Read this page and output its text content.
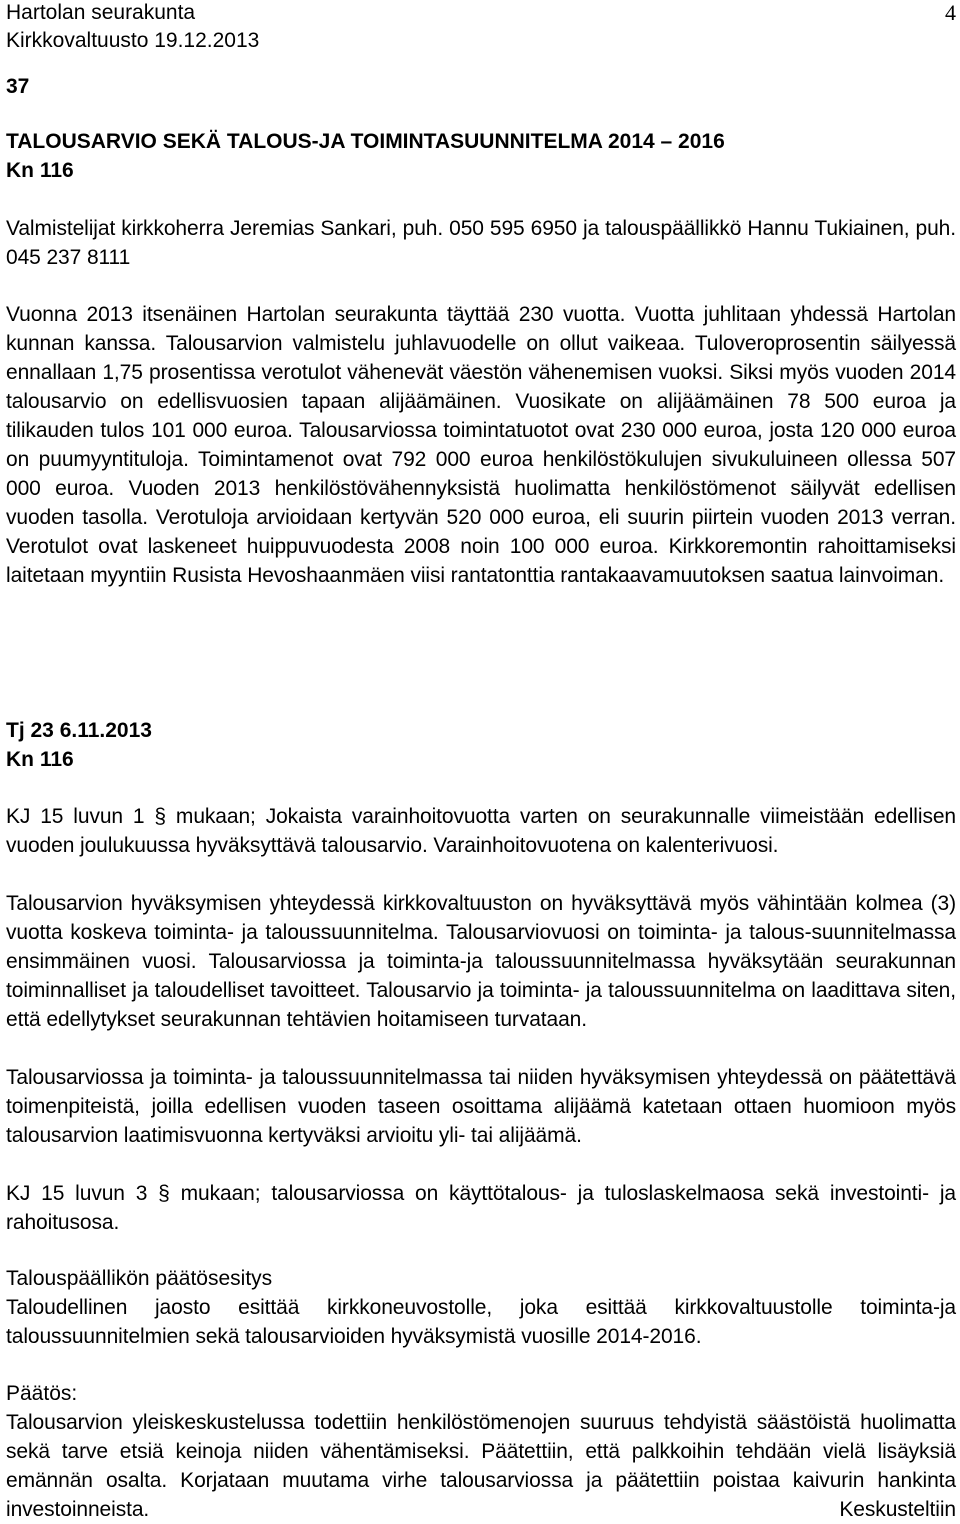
Hartolan seurakunta	4
Kirkkovaltuusto 19.12.2013
37
TALOUSARVIO SEKÄ TALOUS-JA TOIMINTASUUNNITELMA 2014 – 2016
Kn 116

Valmistelijat kirkkoherra Jeremias Sankari, puh. 050 595 6950 ja talouspäällikkö Hannu Tukiainen, puh. 045 237 8111

Vuonna 2013 itsenäinen Hartolan seurakunta täyttää 230 vuotta. Vuotta juhlitaan yhdessä Hartolan kunnan kanssa. Talousarvion valmistelu juhlavuodelle on ollut vaikeaa. Tuloveroprosentin säilyessä ennallaan 1,75 prosentissa verotulot vähenevät väestön vähenemisen vuoksi. Siksi myös vuoden 2014 talousarvio on edellisvuosien tapaan alijäämäinen. Vuosikate on alijäämäinen 78 500 euroa ja tilikauden tulos 101 000 euroa. Talousarviossa toimintatuotot ovat 230 000 euroa, josta 120 000 euroa on puumyyntituloja. Toimintamenot ovat 792 000 euroa henkilöstökulujen sivukuluineen ollessa 507 000 euroa. Vuoden 2013 henkilöstövähennyksistä huolimatta henkilöstömenot säilyvät edellisen vuoden tasolla. Verotuloja arvioidaan kertyvän 520 000 euroa, eli suurin piirtein vuoden 2013 verran. Verotulot ovat laskeneet huippuvuodesta 2008 noin 100 000 euroa. Kirkkoremontin rahoittamiseksi laitetaan myyntiin Rusista Hevoshaanmäen viisi rantatonttia rantakaavamuutoksen saatua lainvoiman.

Tj 23 6.11.2013
Kn 116

KJ 15 luvun 1 § mukaan; Jokaista varainhoitovuotta varten on seurakunnalle viimeistään edellisen vuoden joulukuussa hyväksyttävä talousarvio. Varainhoitovuotena on kalenterivuosi.

Talousarvion hyväksymisen yhteydessä kirkkovaltuuston on hyväksyttävä myös vähintään kolmea (3) vuotta koskeva toiminta- ja taloussuunnitelma. Talousarviovuosi on toiminta- ja talous-suunnitelmassa ensimmäinen vuosi. Talousarviossa ja toiminta-ja taloussuunnitelmassa hyväksytään seurakunnan toiminnalliset ja taloudelliset tavoitteet. Talousarvio ja toiminta- ja taloussuunnitelma on laadittava siten, että edellytykset seurakunnan tehtävien hoitamiseen turvataan.

Talousarviossa ja toiminta- ja taloussuunnitelmassa tai niiden hyväksymisen yhteydessä on päätettävä toimenpiteistä, joilla edellisen vuoden taseen osoittama alijäämä katetaan ottaen huomioon myös talousarvion laatimisvuonna kertyväksi arvioitu yli- tai alijäämä.

KJ 15 luvun 3 § mukaan; talousarviossa on käyttötalous- ja tuloslaskelmaosa sekä investointi- ja rahoitusosa.

Talouspäällikön päätösesitys

Taloudellinen jaosto esittää kirkkoneuvostolle, joka esittää kirkkovaltuustolle toiminta-ja taloussuunnitelmien sekä talousarvioiden hyväksymistä vuosille 2014-2016.

Päätös:

Talousarvion yleiskeskustelussa todettiin henkilöstömenojen suuruus tehdyistä säästöistä huolimatta sekä tarve etsiä keinoja niiden vähentämiseksi. Päätettiin, että palkkoihin tehdään vielä lisäyksiä emännän osalta. Korjataan muutama virhe talousarviossa ja päätettiin poistaa kaivurin hankinta investoinneista. Keskusteltiin
